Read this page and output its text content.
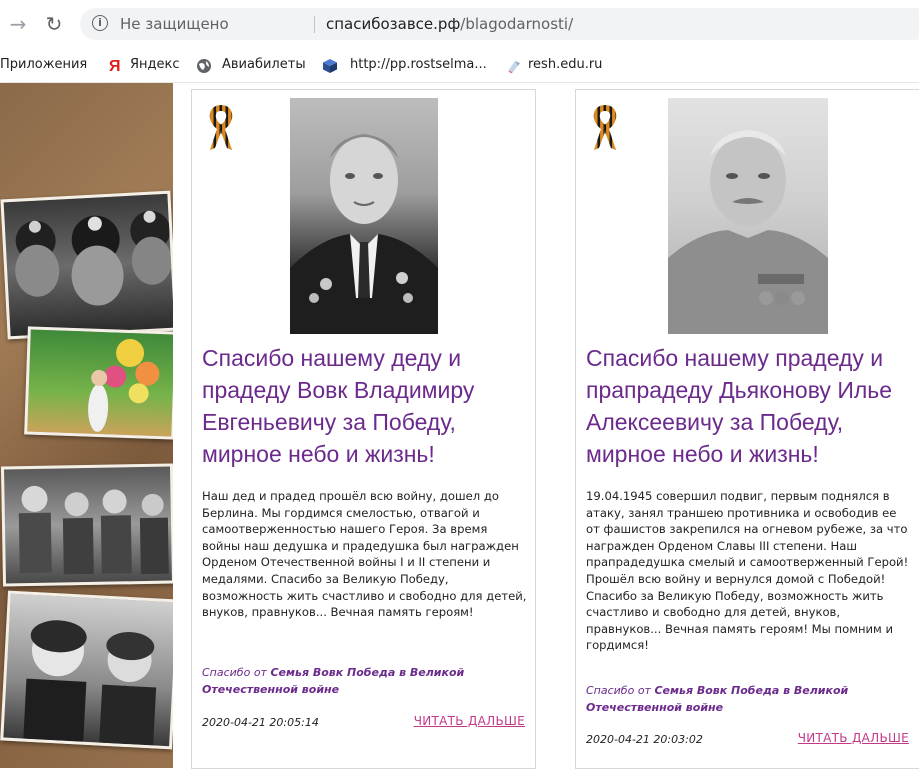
→ ↻	i	Не защищено	спасибозавсе.рф/blagodarnosti/
Приложения Я Яндекс	Авиабилеты	http://pp.rostselma...	resh.edu.ru
Спасибо нашему деду и прадеду Вовк Владимиру Евгеньевичу за Победу, мирное небо и жизнь!
Наш дед и прадед прошёл всю войну, дошел до Берлина. Мы гордимся смелостью, отвагой и самоотверженностью нашего Героя. За время войны наш дедушка и прадедушка был награжден Орденом Отечественной войны I и II степени и медалями. Спасибо за Великую Победу, возможность жить счастливо и свободно для детей, внуков, правнуков... Вечная память героям!
Спасибо от Семья Вовк Победа в Великой Отечественной войне
2020-04-21 20:05:14	ЧИТАТЬ ДАЛЬШЕ
Спасибо нашему прадеду и прапрадеду Дьяконову Илье Алексеевичу за Победу, мирное небо и жизнь!
19.04.1945 совершил подвиг, первым поднялся в атаку, занял траншею противника и освободив ее от фашистов закрепился на огневом рубеже, за что награжден Орденом Славы III степени. Наш прапрадедушка смелый и самоотверженный Герой! Прошёл всю войну и вернулся домой с Победой! Спасибо за Великую Победу, возможность жить счастливо и свободно для детей, внуков, правнуков... Вечная память героям! Мы помним и гордимся!
Спасибо от Семья Вовк Победа в Великой Отечественной войне
2020-04-21 20:03:02	ЧИТАТЬ ДАЛЬШЕ
